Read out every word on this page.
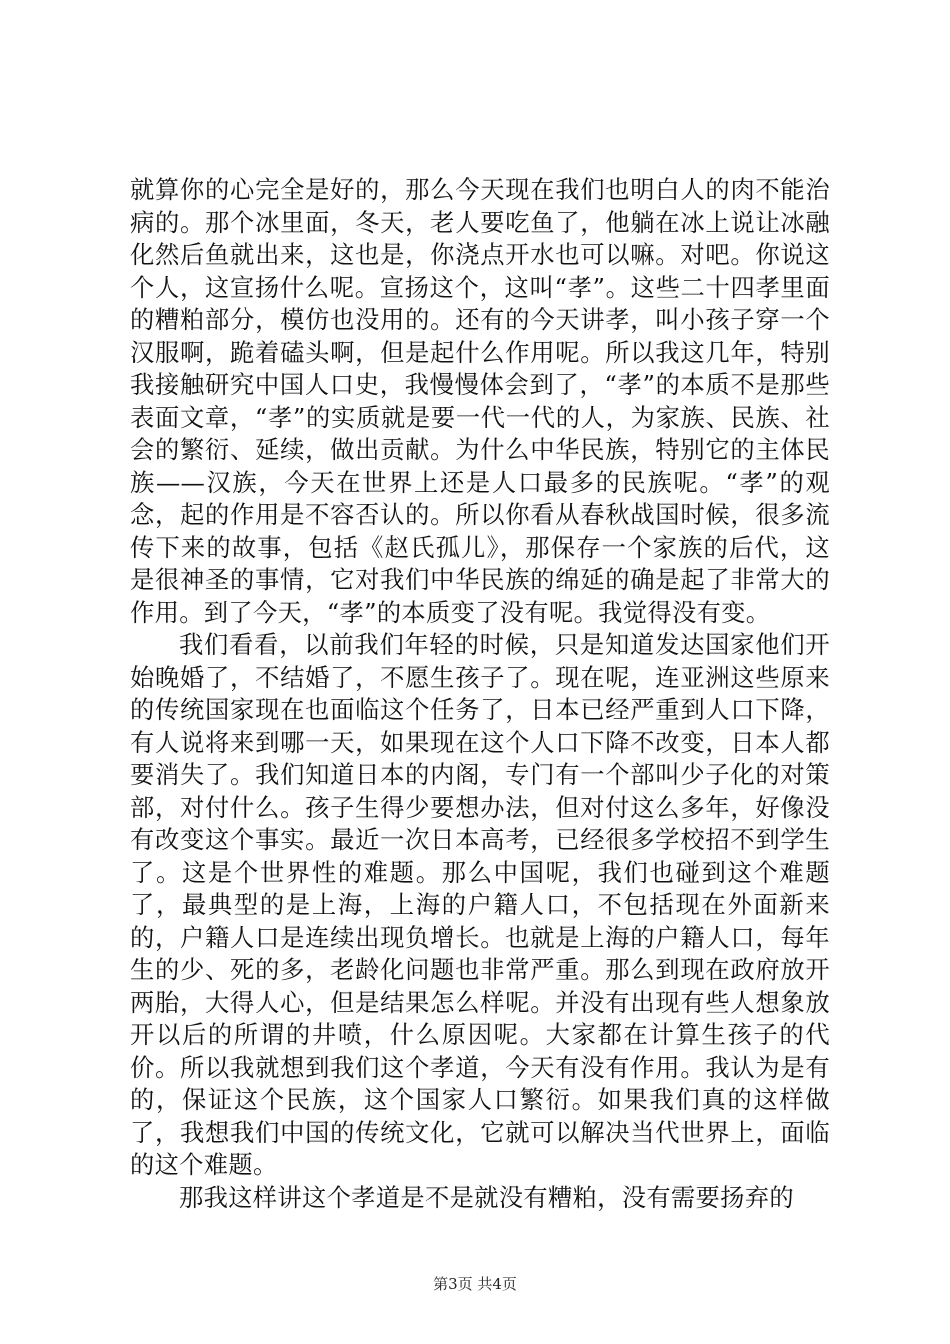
就算你的心完全是好的，那么今天现在我们也明白人的肉不能治病的。那个冰里面，冬天，老人要吃鱼了，他躺在冰上说让冰融化然后鱼就出来，这也是，你浇点开水也可以嘛。对吧。你说这个人，这宣扬什么呢。宣扬这个，这叫“孝”。这些二十四孝里面的糟粕部分，模仿也没用的。还有的今天讲孝，叫小孩子穿一个汉服啊，跪着磕头啊，但是起什么作用呢。所以我这几年，特别我接触研究中国人口史，我慢慢体会到了，“孝”的本质不是那些表面文章，“孝”的实质就是要一代一代的人，为家族、民族、社会的繁衍、延续，做出贡献。为什么中华民族，特别它的主体民族——汉族，今天在世界上还是人口最多的民族呢。“孝”的观念，起的作用是不容否认的。所以你看从春秋战国时候，很多流传下来的故事，包括《赵氏孤儿》，那保存一个家族的后代，这是很神圣的事情，它对我们中华民族的绵延的确是起了非常大的作用。到了今天，“孝”的本质变了没有呢。我觉得没有变。

我们看看，以前我们年轻的时候，只是知道发达国家他们开始晚婚了，不结婚了，不愿生孩子了。现在呢，连亚洲这些原来的传统国家现在也面临这个任务了，日本已经严重到人口下降，有人说将来到哪一天，如果现在这个人口下降不改变，日本人都要消失了。我们知道日本的内阁，专门有一个部叫少子化的对策部，对付什么。孩子生得少要想办法，但对付这么多年，好像没有改变这个事实。最近一次日本高考，已经很多学校招不到学生了。这是个世界性的难题。那么中国呢，我们也碰到这个难题了，最典型的是上海，上海的户籍人口，不包括现在外面新来的，户籍人口是连续出现负增长。也就是上海的户籍人口，每年生的少、死的多，老龄化问题也非常严重。那么到现在政府放开两胎，大得人心，但是结果怎么样呢。并没有出现有些人想象放开以后的所谓的井喷，什么原因呢。大家都在计算生孩子的代价。所以我就想到我们这个孝道，今天有没有作用。我认为是有的，保证这个民族，这个国家人口繁衍。如果我们真的这样做了，我想我们中国的传统文化，它就可以解决当代世界上，面临的这个难题。

那我这样讲这个孝道是不是就没有糟粕，没有需要扬弃的

第3页 共4页
